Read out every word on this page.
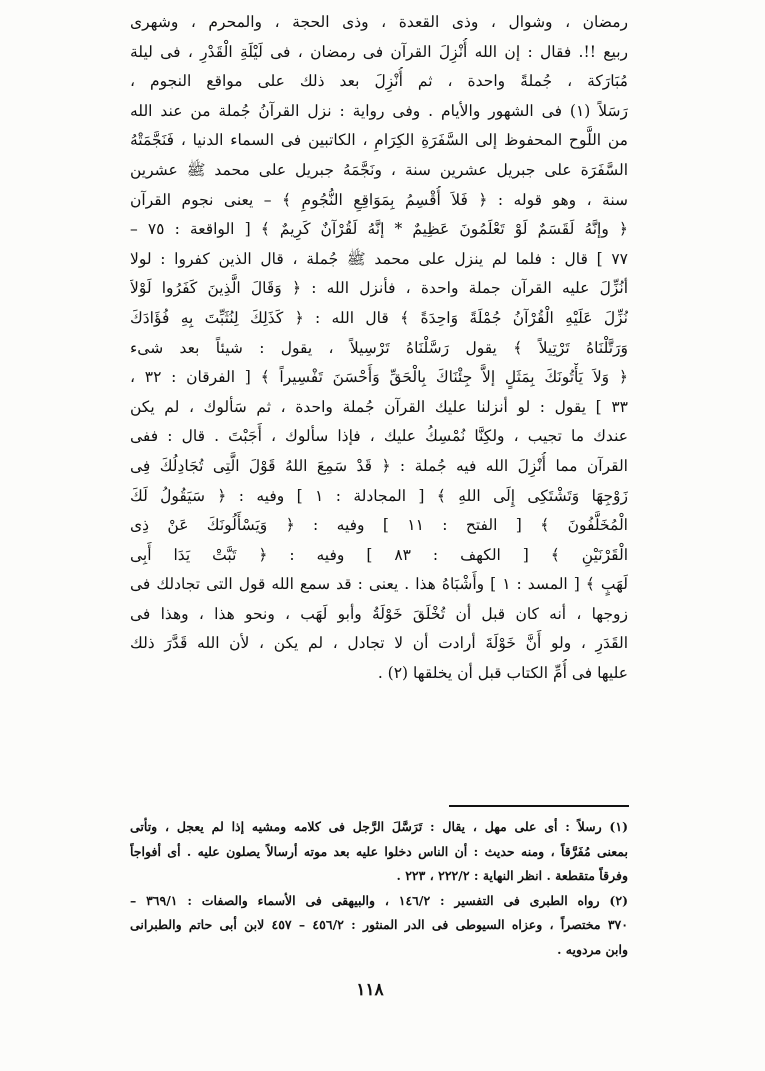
رمضان ، وشوال ، وذى القعدة ، وذى الحجة ، والمحرم ، وشهرى
ربيع !!. فقال : إن الله أُنْزِلَ القرآن فى رمضان ، فى لَيْلَةِ الْقَدْرِ ، فى ليلة
مُبَارَكة ، جُملةً واحدة ، ثم أُنْزِلَ بعد ذلك على مواقع النجوم ،
رَسَلاً (١) فى الشهور والأيام . وفى رواية : نزل القرآنُ جُملة من عند الله
من اللَّوح المحفوظ إلى السَّفَرَةِ الكِرَامِ ، الكاتبين فى السماء الدنيا ، فَنَجَّمَتْهُ
السَّفَرَة على جبريل عشرين سنة ، ونَجَّمَهُ جبريل على محمد ﷺ عشرين
سنة ، وهو قوله : ﴿ فَلاَ أُقْسِمُ بِمَوَاقِعِ النُّجُومِ ﴾ – يعنى نجوم القرآن
﴿ وإنَّهُ لَقَسَمٌ لَوْ تَعْلَمُونَ عَظِيمٌ * إنَّهُ لَقُرْآنٌ كَرِيمٌ ﴾ [ الواقعة : ٧٥ –
٧٧ ] قال : فلما لم ينزل على محمد ﷺ جُملة ، قال الذين كفروا : لولا
أنُزِّلَ عليه القرآن جملة واحدة ، فأنزل الله : ﴿ وَقَالَ الَّذِينَ كَفَرُوا لَوْلاَ
نُزِّلَ عَلَيْهِ الْقُرْآنُ جُمْلَةً وَاحِدَةً ﴾ قال الله : ﴿ كَذَلِكَ لِنُثَبِّتَ بِهِ فُؤَادَكَ
وَرَتَّلْنَاهُ تَرْتِيلاً ﴾ يقول رَسَّلْنَاهُ تَرْسِيلاً ، يقول : شيئاً بعد شىء
﴿ وَلاَ يَأْتُونَكَ بِمَثَلٍ إلاَّ جِئْنَاكَ بِالْحَقِّ وَأَحْسَنَ تَفْسِيراً ﴾ [ الفرقان : ٣٢ ،
٣٣ ] يقول : لو أنزلنا عليك القرآن جُملة واحدة ، ثم سَألوك ، لم يكن
عندك ما تجيب ، ولكِنَّا نُمْسِكُ عليك ، فإذا سألوك ، أَجَبْتَ . قال : ففى
القرآن مما أُنْزِلَ الله فيه جُملة : ﴿ قَدْ سَمِعَ اللهُ قَوْلَ الَّتِى تُجَادِلُكَ فِى
زَوْجِهَا وَتَشْتَكِى إِلَى اللهِ ﴾ [ المجادلة : ١ ] وفيه : ﴿ سَيَقُولُ لَكَ
الْمُخَلَّفُونَ ﴾ [ الفتح : ١١ ] وفيه : ﴿ وَيَسْأَلُونَكَ عَنْ ذِى
الْقَرْنَيْنِ ﴾ [ الكهف : ٨٣ ] وفيه : ﴿ تَبَّتْ يَدَا أَبِى
لَهَبٍ ﴾ [ المسد : ١ ] وأَشْبَاهُ هذا . يعنى : قد سمع الله قول التى تجادلك فى
زوجها ، أنه كان قبل أن تُخْلَقَ خَوْلَةُ وأبو لَهَب ، ونحو هذا ، وهذا فى
القَدَرِ ، ولو أَنَّ خَوْلَةَ أرادت أن لا تجادل ، لم يكن ، لأن الله قَدَّرَ ذلك
عليها فى أُمِّ الكتاب قبل أن يخلقها (٢) .
(١) رسلاً : أى على مهل ، يقال : تَرَسَّلَ الرَّجل فى كلامه ومشيه إذا لم يعجل ، وتأتى
بمعنى مُفَرَّقاً ، ومنه حديث : أن الناس دخلوا عليه بعد موته أرسالاً يصلون عليه . أى أفواجاً
وفرقاً متقطعة . انظر النهاية : ٢٢٢/٢ ، ٢٢٣ .
(٢) رواه الطبرى فى التفسير : ١٤٦/٢ ، والبيهقى فى الأسماء والصفات : ٣٦٩/١ –
٣٧٠ مختصراً ، وعزاه السيوطى فى الدر المنثور : ٤٥٦/٢ – ٤٥٧ لابن أبى حاتم والطبرانى
وابن مردويه .
١١٨
